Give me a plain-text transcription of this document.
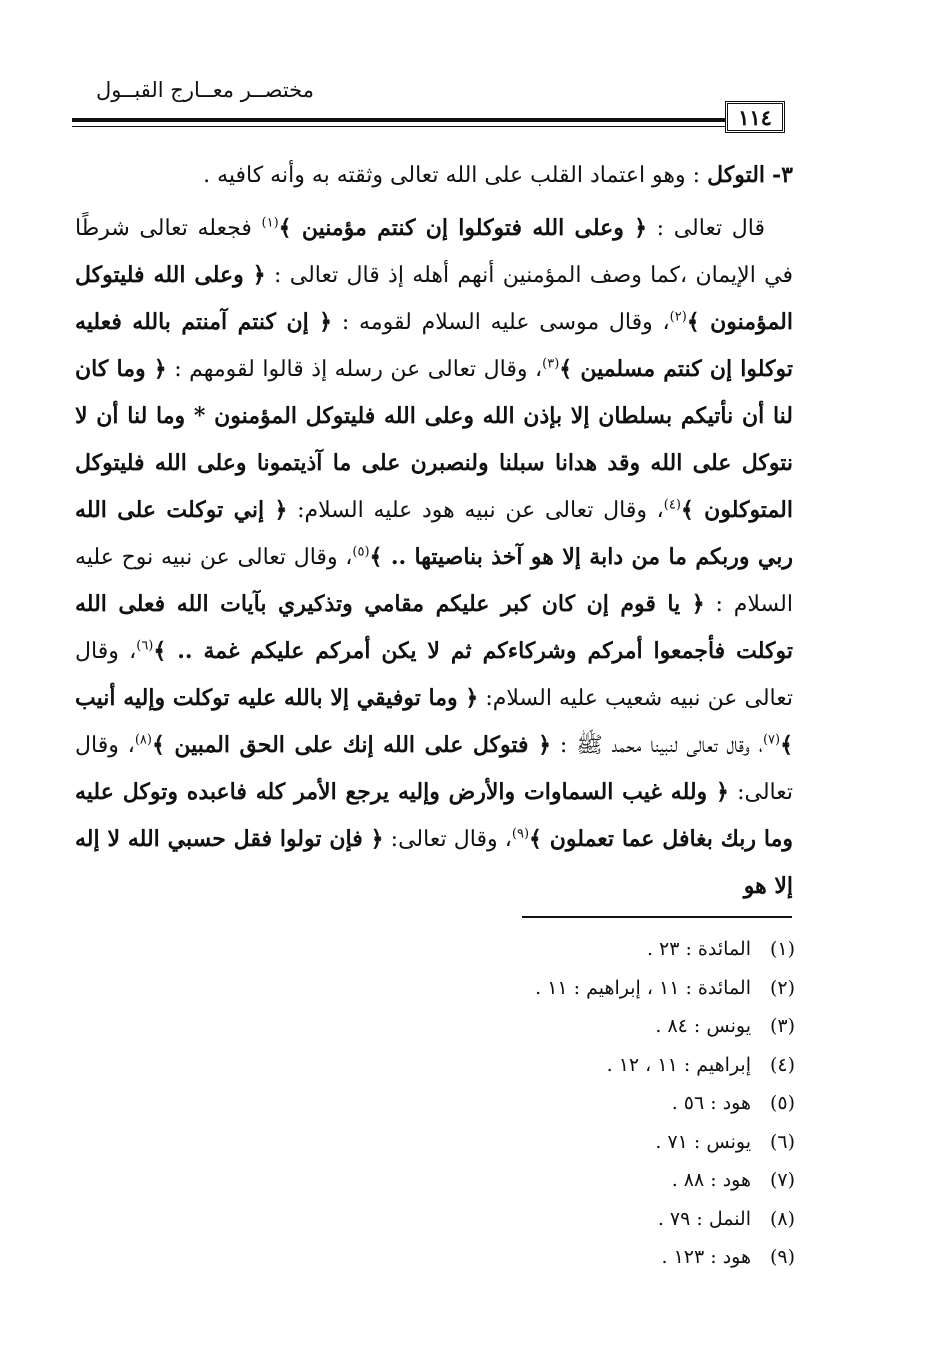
مختصــر معــارج القبــول
١١٤

٣- التوكل : وهو اعتماد القلب على الله تعالى وثقته به وأنه كافيه .

قال تعالى : ﴿ وعلى الله فتوكلوا إن كنتم مؤمنين ﴾$^{(١)}$ فجعله تعالى شرطًا في الإيمان ،كما وصف المؤمنين أنهم أهله إذ قال تعالى : ﴿ وعلى الله فليتوكل المؤمنون ﴾$^{(٢)}$، وقال موسى عليه السلام لقومه : ﴿ إن كنتم آمنتم بالله فعليه توكلوا إن كنتم مسلمين ﴾$^{(٣)}$، وقال تعالى عن رسله إذ قالوا لقومهم : ﴿ وما كان لنا أن نأتيكم بسلطان إلا بإذن الله وعلى الله فليتوكل المؤمنون * وما لنا أن لا نتوكل على الله وقد هدانا سبلنا ولنصبرن على ما آذيتمونا وعلى الله فليتوكل المتوكلون ﴾$^{(٤)}$، وقال تعالى عن نبيه هود عليه السلام: ﴿ إني توكلت على الله ربي وربكم ما من دابة إلا هو آخذ بناصيتها .. ﴾$^{(٥)}$، وقال تعالى عن نبيه نوح عليه السلام : ﴿ يا قوم إن كان كبر عليكم مقامي وتذكيري بآيات الله فعلى الله توكلت فأجمعوا أمركم وشركاءكم ثم لا يكن أمركم عليكم غمة .. ﴾$^{(٦)}$، وقال تعالى عن نبيه شعيب عليه السلام: ﴿ وما توفيقي إلا بالله عليه توكلت وإليه أنيب ﴾$^{(٧)}$، وقال تعالى لنبينا محمد ﷺ : ﴿ فتوكل على الله إنك على الحق المبين ﴾$^{(٨)}$، وقال تعالى: ﴿ ولله غيب السماوات والأرض وإليه يرجع الأمر كله فاعبده وتوكل عليه وما ربك بغافل عما تعملون ﴾$^{(٩)}$، وقال تعالى: ﴿ فإن تولوا فقل حسبي الله لا إله إلا هو

(١)المائدة : ٢٣ .
(٢)المائدة : ١١ ، إبراهيم : ١١ .
(٣)يونس : ٨٤ .
(٤)إبراهيم : ١١ ، ١٢ .
(٥)هود : ٥٦ .
(٦)يونس : ٧١ .
(٧)هود : ٨٨ .
(٨)النمل : ٧٩ .
(٩)هود : ١٢٣ .
